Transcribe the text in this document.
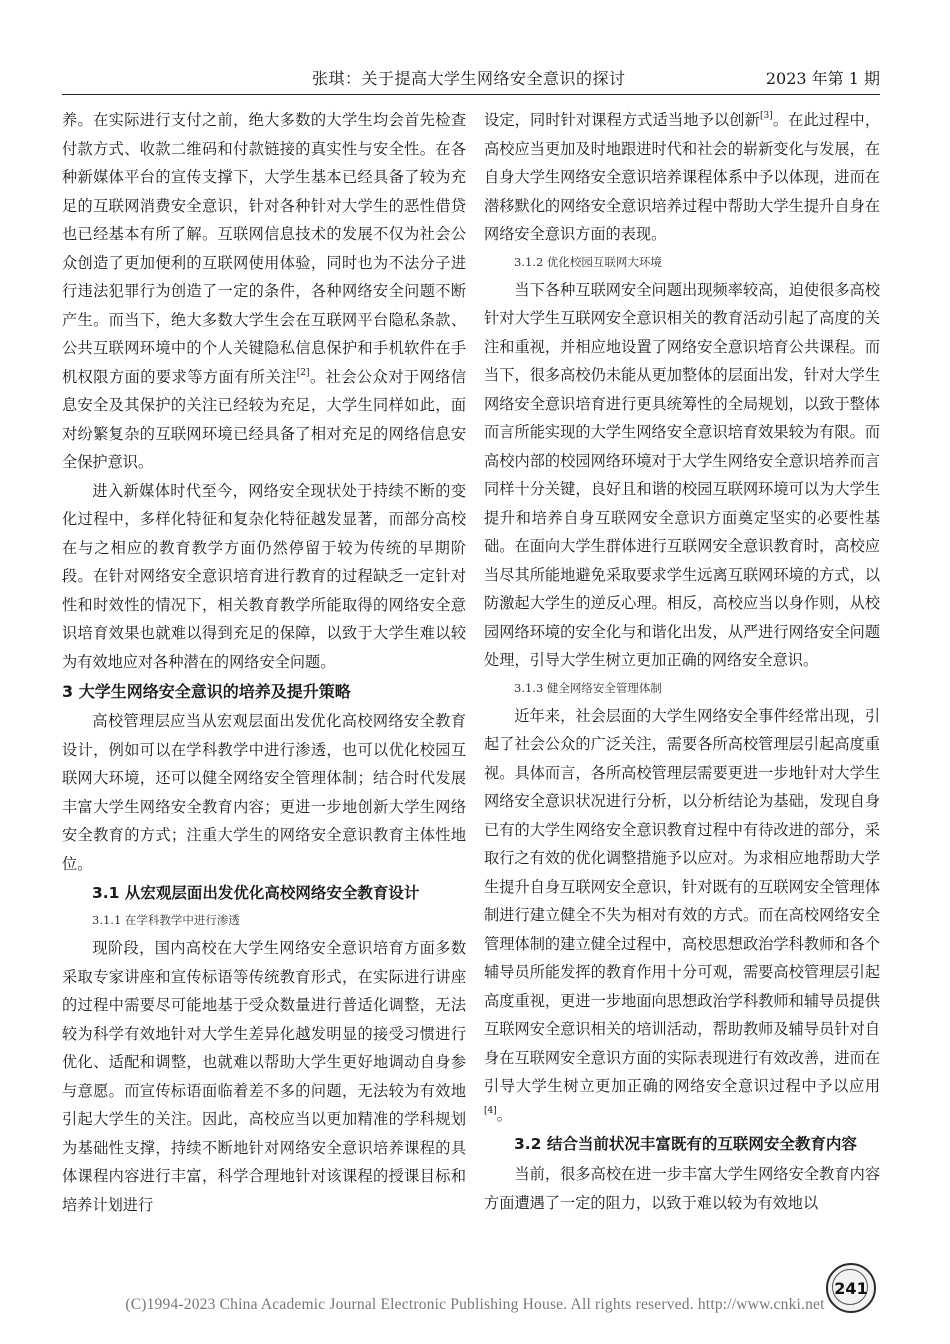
张琪：关于提高大学生网络安全意识的探讨	2023 年第 1 期

养。在实际进行支付之前，绝大多数的大学生均会首先检查付款方式、收款二维码和付款链接的真实性与安全性。在各种新媒体平台的宣传支撑下，大学生基本已经具备了较为充足的互联网消费安全意识，针对各种针对大学生的恶性借贷也已经基本有所了解。互联网信息技术的发展不仅为社会公众创造了更加便利的互联网使用体验，同时也为不法分子进行违法犯罪行为创造了一定的条件，各种网络安全问题不断产生。而当下，绝大多数大学生会在互联网平台隐私条款、公共互联网环境中的个人关键隐私信息保护和手机软件在手机权限方面的要求等方面有所关注[2]。社会公众对于网络信息安全及其保护的关注已经较为充足，大学生同样如此，面对纷繁复杂的互联网环境已经具备了相对充足的网络信息安全保护意识。

进入新媒体时代至今，网络安全现状处于持续不断的变化过程中，多样化特征和复杂化特征越发显著，而部分高校在与之相应的教育教学方面仍然停留于较为传统的早期阶段。在针对网络安全意识培育进行教育的过程缺乏一定针对性和时效性的情况下，相关教育教学所能取得的网络安全意识培育效果也就难以得到充足的保障，以致于大学生难以较为有效地应对各种潜在的网络安全问题。

3 大学生网络安全意识的培养及提升策略

高校管理层应当从宏观层面出发优化高校网络安全教育设计，例如可以在学科教学中进行渗透，也可以优化校园互联网大环境，还可以健全网络安全管理体制；结合时代发展丰富大学生网络安全教育内容；更进一步地创新大学生网络安全教育的方式；注重大学生的网络安全意识教育主体性地位。

3.1 从宏观层面出发优化高校网络安全教育设计
3.1.1 在学科教学中进行渗透

现阶段，国内高校在大学生网络安全意识培育方面多数采取专家讲座和宣传标语等传统教育形式，在实际进行讲座的过程中需要尽可能地基于受众数量进行普适化调整，无法较为科学有效地针对大学生差异化越发明显的接受习惯进行优化、适配和调整，也就难以帮助大学生更好地调动自身参与意愿。而宣传标语面临着差不多的问题，无法较为有效地引起大学生的关注。因此，高校应当以更加精准的学科规划为基础性支撑，持续不断地针对网络安全意识培养课程的具体课程内容进行丰富，科学合理地针对该课程的授课目标和培养计划进行

设定，同时针对课程方式适当地予以创新[3]。在此过程中，高校应当更加及时地跟进时代和社会的崭新变化与发展，在自身大学生网络安全意识培养课程体系中予以体现，进而在潜移默化的网络安全意识培养过程中帮助大学生提升自身在网络安全意识方面的表现。

3.1.2 优化校园互联网大环境

当下各种互联网安全问题出现频率较高，迫使很多高校针对大学生互联网安全意识相关的教育活动引起了高度的关注和重视，并相应地设置了网络安全意识培育公共课程。而当下，很多高校仍未能从更加整体的层面出发，针对大学生网络安全意识培育进行更具统筹性的全局规划，以致于整体而言所能实现的大学生网络安全意识培育效果较为有限。而高校内部的校园网络环境对于大学生网络安全意识培养而言同样十分关键，良好且和谐的校园互联网环境可以为大学生提升和培养自身互联网安全意识方面奠定坚实的必要性基础。在面向大学生群体进行互联网安全意识教育时，高校应当尽其所能地避免采取要求学生远离互联网环境的方式，以防激起大学生的逆反心理。相反，高校应当以身作则，从校园网络环境的安全化与和谐化出发，从严进行网络安全问题处理，引导大学生树立更加正确的网络安全意识。

3.1.3 健全网络安全管理体制

近年来，社会层面的大学生网络安全事件经常出现，引起了社会公众的广泛关注，需要各所高校管理层引起高度重视。具体而言，各所高校管理层需要更进一步地针对大学生网络安全意识状况进行分析，以分析结论为基础，发现自身已有的大学生网络安全意识教育过程中有待改进的部分，采取行之有效的优化调整措施予以应对。为求相应地帮助大学生提升自身互联网安全意识，针对既有的互联网安全管理体制进行建立健全不失为相对有效的方式。而在高校网络安全管理体制的建立健全过程中，高校思想政治学科教师和各个辅导员所能发挥的教育作用十分可观，需要高校管理层引起高度重视，更进一步地面向思想政治学科教师和辅导员提供互联网安全意识相关的培训活动，帮助教师及辅导员针对自身在互联网安全意识方面的实际表现进行有效改善，进而在引导大学生树立更加正确的网络安全意识过程中予以应用[4]。

3.2 结合当前状况丰富既有的互联网安全教育内容

当前，很多高校在进一步丰富大学生网络安全教育内容方面遭遇了一定的阻力，以致于难以较为有效地以

241
(C)1994-2023 China Academic Journal Electronic Publishing House. All rights reserved. http://www.cnki.net
